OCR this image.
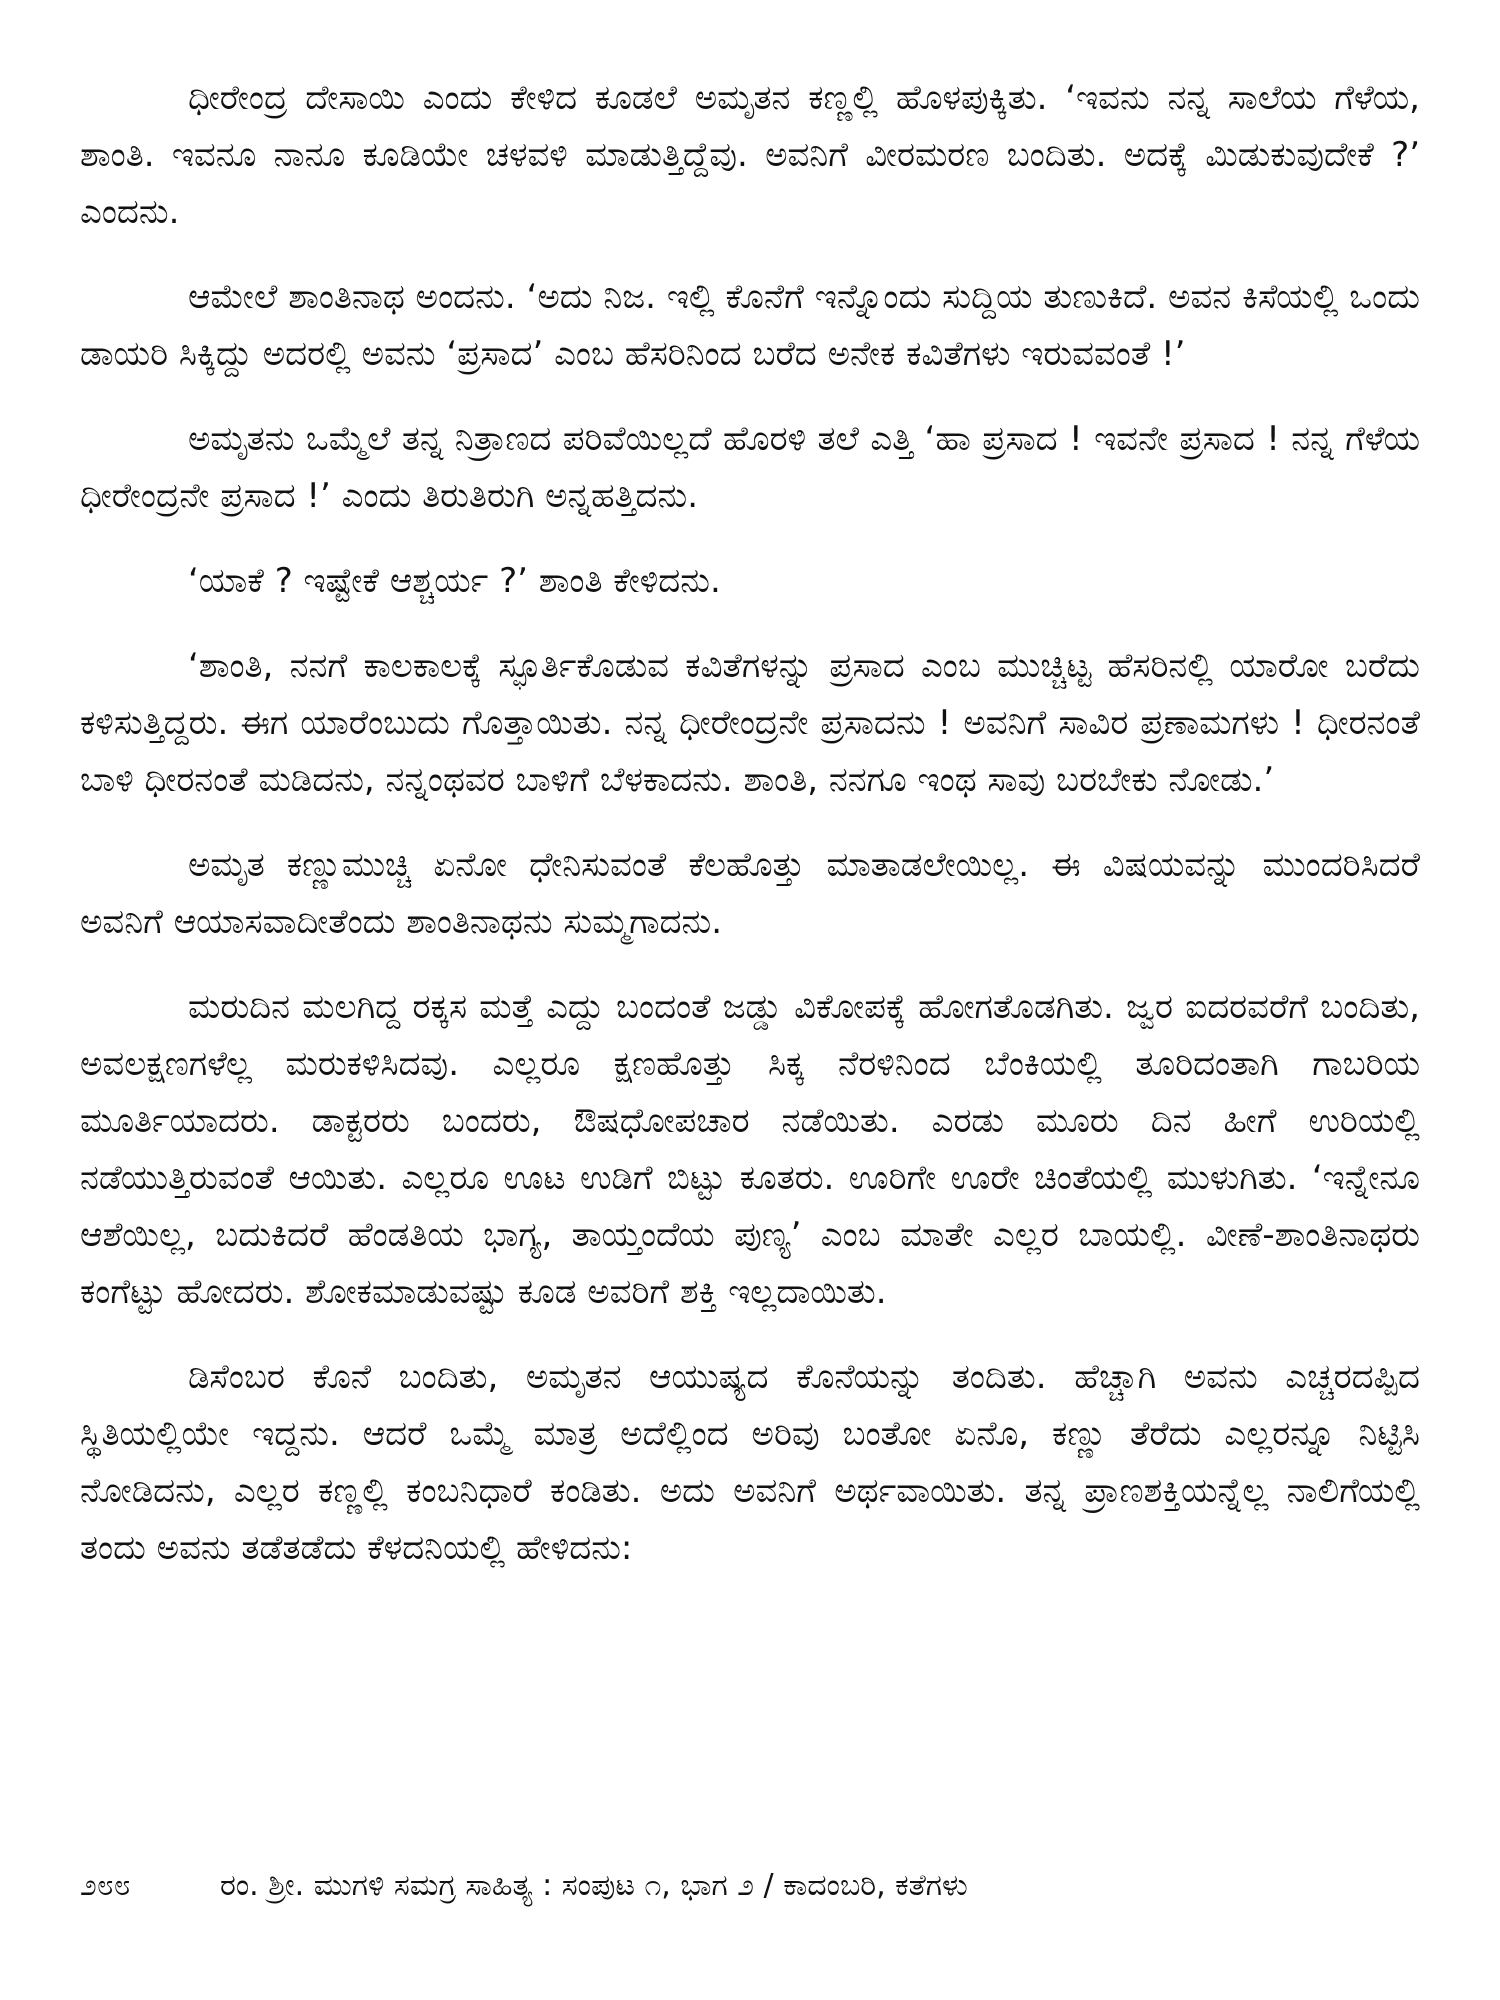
ಧೀರೇಂದ್ರ ದೇಸಾಯಿ ಎಂದು ಕೇಳಿದ ಕೂಡಲೆ ಅಮೃತನ ಕಣ್ಣಲ್ಲಿ ಹೊಳಪುಕ್ಕಿತು. ‘ಇವನು ನನ್ನ ಸಾಲೆಯ ಗೆಳೆಯ, ಶಾಂತಿ. ಇವನೂ ನಾನೂ ಕೂಡಿಯೇ ಚಳವಳಿ ಮಾಡುತ್ತಿದ್ದೆವು. ಅವನಿಗೆ ವೀರಮರಣ ಬಂದಿತು. ಅದಕ್ಕೆ ಮಿಡುಕುವುದೇಕೆ ?’ ಎಂದನು.

ಆಮೇಲೆ ಶಾಂತಿನಾಥ ಅಂದನು. ‘ಅದು ನಿಜ. ಇಲ್ಲಿ ಕೊನೆಗೆ ಇನ್ನೊಂದು ಸುದ್ದಿಯ ತುಣುಕಿದೆ. ಅವನ ಕಿಸೆಯಲ್ಲಿ ಒಂದು ಡಾಯರಿ ಸಿಕ್ಕಿದ್ದು ಅದರಲ್ಲಿ ಅವನು ‘ಪ್ರಸಾದ’ ಎಂಬ ಹೆಸರಿನಿಂದ ಬರೆದ ಅನೇಕ ಕವಿತೆಗಳು ಇರುವವಂತೆ !’

ಅಮೃತನು ಒಮ್ಮೆಲೆ ತನ್ನ ನಿತ್ರಾಣದ ಪರಿವೆಯಿಲ್ಲದೆ ಹೊರಳಿ ತಲೆ ಎತ್ತಿ ‘ಹಾ ಪ್ರಸಾದ ! ಇವನೇ ಪ್ರಸಾದ ! ನನ್ನ ಗೆಳೆಯ ಧೀರೇಂದ್ರನೇ ಪ್ರಸಾದ !’ ಎಂದು ತಿರುತಿರುಗಿ ಅನ್ನಹತ್ತಿದನು.

‘ಯಾಕೆ ? ಇಷ್ಟೇಕೆ ಆಶ್ಚರ್ಯ ?’ ಶಾಂತಿ ಕೇಳಿದನು.

‘ಶಾಂತಿ, ನನಗೆ ಕಾಲಕಾಲಕ್ಕೆ ಸ್ಫೂರ್ತಿಕೊಡುವ ಕವಿತೆಗಳನ್ನು ಪ್ರಸಾದ ಎಂಬ ಮುಚ್ಚಿಟ್ಟ ಹೆಸರಿನಲ್ಲಿ ಯಾರೋ ಬರೆದು ಕಳಿಸುತ್ತಿದ್ದರು. ಈಗ ಯಾರೆಂಬುದು ಗೊತ್ತಾಯಿತು. ನನ್ನ ಧೀರೇಂದ್ರನೇ ಪ್ರಸಾದನು ! ಅವನಿಗೆ ಸಾವಿರ ಪ್ರಣಾಮಗಳು ! ಧೀರನಂತೆ ಬಾಳಿ ಧೀರನಂತೆ ಮಡಿದನು, ನನ್ನಂಥವರ ಬಾಳಿಗೆ ಬೆಳಕಾದನು. ಶಾಂತಿ, ನನಗೂ ಇಂಥ ಸಾವು ಬರಬೇಕು ನೋಡು.’

ಅಮೃತ ಕಣ್ಣುಮುಚ್ಚಿ ಏನೋ ಧೇನಿಸುವಂತೆ ಕೆಲಹೊತ್ತು ಮಾತಾಡಲೇಯಿಲ್ಲ. ಈ ವಿಷಯವನ್ನು ಮುಂದರಿಸಿದರೆ ಅವನಿಗೆ ಆಯಾಸವಾದೀತೆಂದು ಶಾಂತಿನಾಥನು ಸುಮ್ಮಗಾದನು.

ಮರುದಿನ ಮಲಗಿದ್ದ ರಕ್ಕಸ ಮತ್ತೆ ಎದ್ದು ಬಂದಂತೆ ಜಡ್ಡು ವಿಕೋಪಕ್ಕೆ ಹೋಗತೊಡಗಿತು. ಜ್ವರ ಐದರವರೆಗೆ ಬಂದಿತು, ಅವಲಕ್ಷಣಗಳೆಲ್ಲ ಮರುಕಳಿಸಿದವು. ಎಲ್ಲರೂ ಕ್ಷಣಹೊತ್ತು ಸಿಕ್ಕ ನೆರಳಿನಿಂದ ಬೆಂಕಿಯಲ್ಲಿ ತೂರಿದಂತಾಗಿ ಗಾಬರಿಯ ಮೂರ್ತಿಯಾದರು. ಡಾಕ್ಟರರು ಬಂದರು, ಔಷಧೋಪಚಾರ ನಡೆಯಿತು. ಎರಡು ಮೂರು ದಿನ ಹೀಗೆ ಉರಿಯಲ್ಲಿ ನಡೆಯುತ್ತಿರುವಂತೆ ಆಯಿತು. ಎಲ್ಲರೂ ಊಟ ಉಡಿಗೆ ಬಿಟ್ಟು ಕೂತರು. ಊರಿಗೇ ಊರೇ ಚಿಂತೆಯಲ್ಲಿ ಮುಳುಗಿತು. ‘ಇನ್ನೇನೂ ಆಶೆಯಿಲ್ಲ, ಬದುಕಿದರೆ ಹೆಂಡತಿಯ ಭಾಗ್ಯ, ತಾಯ್ತಂದೆಯ ಪುಣ್ಯ’ ಎಂಬ ಮಾತೇ ಎಲ್ಲರ ಬಾಯಲ್ಲಿ. ವೀಣೆ-ಶಾಂತಿನಾಥರು ಕಂಗೆಟ್ಟು ಹೋದರು. ಶೋಕಮಾಡುವಷ್ಟು ಕೂಡ ಅವರಿಗೆ ಶಕ್ತಿ ಇಲ್ಲದಾಯಿತು.

ಡಿಸೆಂಬರ ಕೊನೆ ಬಂದಿತು, ಅಮೃತನ ಆಯುಷ್ಯದ ಕೊನೆಯನ್ನು ತಂದಿತು. ಹೆಚ್ಚಾಗಿ ಅವನು ಎಚ್ಚರದಪ್ಪಿದ ಸ್ಥಿತಿಯಲ್ಲಿಯೇ ಇದ್ದನು. ಆದರೆ ಒಮ್ಮೆ ಮಾತ್ರ ಅದೆಲ್ಲಿಂದ ಅರಿವು ಬಂತೋ ಏನೊ, ಕಣ್ಣು ತೆರೆದು ಎಲ್ಲರನ್ನೂ ನಿಟ್ಟಿಸಿ ನೋಡಿದನು, ಎಲ್ಲರ ಕಣ್ಣಲ್ಲಿ ಕಂಬನಿಧಾರೆ ಕಂಡಿತು. ಅದು ಅವನಿಗೆ ಅರ್ಥವಾಯಿತು. ತನ್ನ ಪ್ರಾಣಶಕ್ತಿಯನ್ನೆಲ್ಲ ನಾಲಿಗೆಯಲ್ಲಿ ತಂದು ಅವನು ತಡೆತಡೆದು ಕೆಳದನಿಯಲ್ಲಿ ಹೇಳಿದನು:

೨೮೮	ರಂ. ಶ್ರೀ. ಮುಗಳಿ ಸಮಗ್ರ ಸಾಹಿತ್ಯ : ಸಂಪುಟ ೧, ಭಾಗ ೨ / ಕಾದಂಬರಿ, ಕತೆಗಳು
